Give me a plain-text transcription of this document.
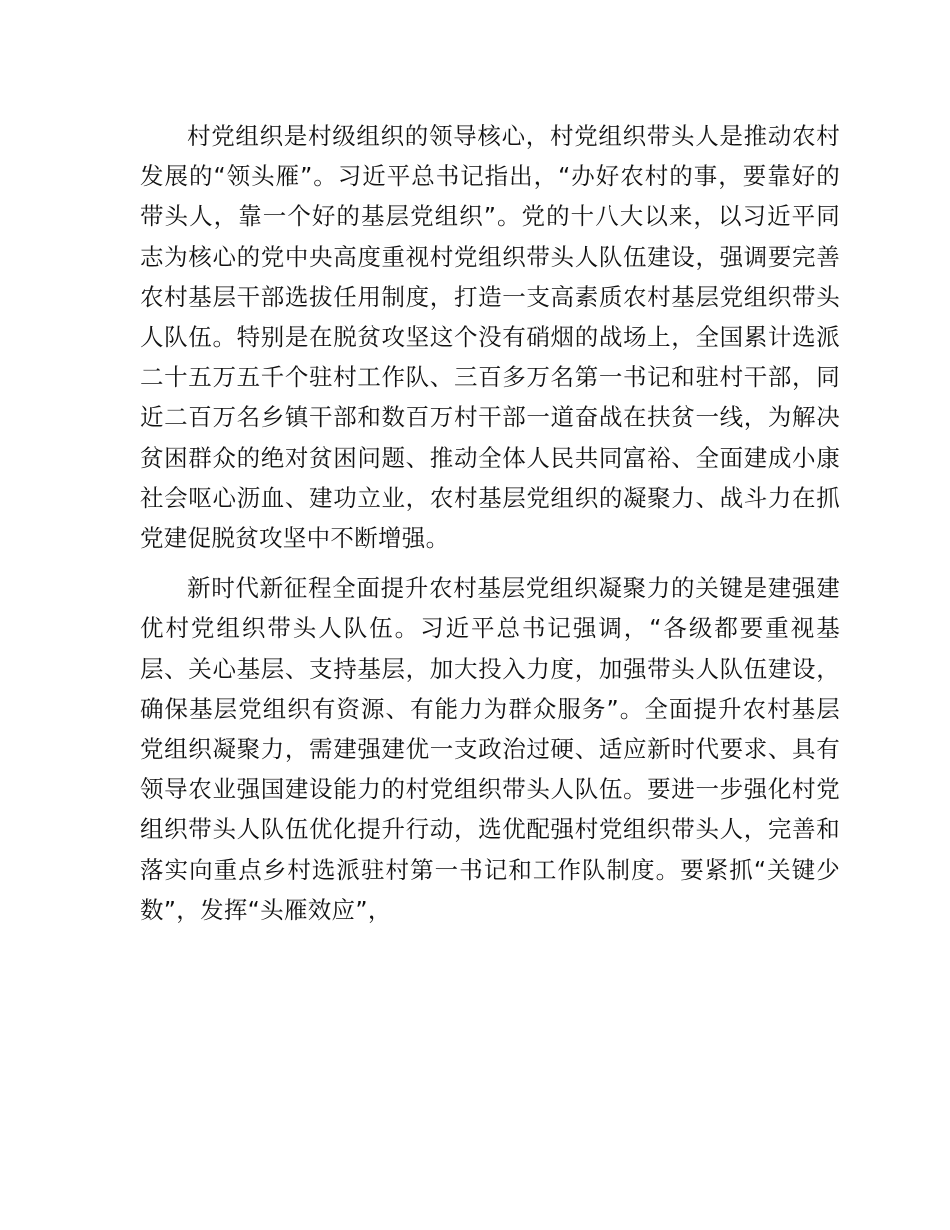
村党组织是村级组织的领导核心，村党组织带头人是推动农村发展的“领头雁”。习近平总书记指出，“办好农村的事，要靠好的带头人，靠一个好的基层党组织”。党的十八大以来，以习近平同志为核心的党中央高度重视村党组织带头人队伍建设，强调要完善农村基层干部选拔任用制度，打造一支高素质农村基层党组织带头人队伍。特别是在脱贫攻坚这个没有硝烟的战场上，全国累计选派二十五万五千个驻村工作队、三百多万名第一书记和驻村干部，同近二百万名乡镇干部和数百万村干部一道奋战在扶贫一线，为解决贫困群众的绝对贫困问题、推动全体人民共同富裕、全面建成小康社会呕心沥血、建功立业，农村基层党组织的凝聚力、战斗力在抓党建促脱贫攻坚中不断增强。

新时代新征程全面提升农村基层党组织凝聚力的关键是建强建优村党组织带头人队伍。习近平总书记强调，“各级都要重视基层、关心基层、支持基层，加大投入力度，加强带头人队伍建设，确保基层党组织有资源、有能力为群众服务”。全面提升农村基层党组织凝聚力，需建强建优一支政治过硬、适应新时代要求、具有领导农业强国建设能力的村党组织带头人队伍。要进一步强化村党组织带头人队伍优化提升行动，选优配强村党组织带头人，完善和落实向重点乡村选派驻村第一书记和工作队制度。要紧抓“关键少数”，发挥“头雁效应”，
